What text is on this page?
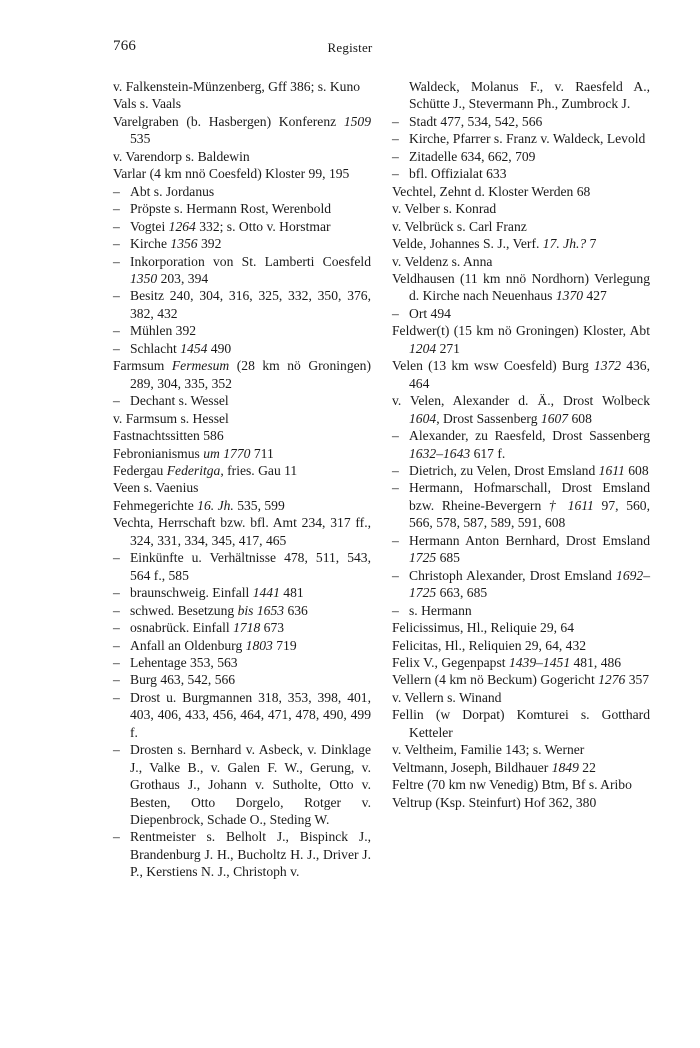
766	Register
v. Falkenstein-Münzenberg, Gff 386; s. Kuno
Vals s. Vaals
Varelgraben (b. Hasbergen) Konferenz 1509 535
v. Varendorp s. Baldewin
Varlar (4 km nnö Coesfeld) Kloster 99, 195
– Abt s. Jordanus
– Pröpste s. Hermann Rost, Werenbold
– Vogtei 1264 332; s. Otto v. Horstmar
– Kirche 1356 392
– Inkorporation von St. Lamberti Coesfeld 1350 203, 394
– Besitz 240, 304, 316, 325, 332, 350, 376, 382, 432
– Mühlen 392
– Schlacht 1454 490
Farmsum Fermesum (28 km nö Groningen) 289, 304, 335, 352
– Dechant s. Wessel
v. Farmsum s. Hessel
Fastnachtssitten 586
Febronianismus um 1770 711
Federgau Federitga, fries. Gau 11
Veen s. Vaenius
Fehmegerichte 16. Jh. 535, 599
Vechta, Herrschaft bzw. bfl. Amt 234, 317 ff., 324, 331, 334, 345, 417, 465
– Einkünfte u. Verhältnisse 478, 511, 543, 564 f., 585
– braunschweig. Einfall 1441 481
– schwed. Besetzung bis 1653 636
– osnabrück. Einfall 1718 673
– Anfall an Oldenburg 1803 719
– Lehentage 353, 563
– Burg 463, 542, 566
– Drost u. Burgmannen 318, 353, 398, 401, 403, 406, 433, 456, 464, 471, 478, 490, 499 f.
– Drosten s. Bernhard v. Asbeck, v. Dinklage J., Valke B., v. Galen F. W., Gerung, v. Grothaus J., Johann v. Sutholte, Otto v. Besten, Otto Dorgelo, Rotger v. Diepenbrock, Schade O., Steding W.
– Rentmeister s. Belholt J., Bispinck J., Brandenburg J. H., Bucholtz H. J., Driver J. P., Kerstiens N. J., Christoph v.
Waldeck, Molanus F., v. Raesfeld A., Schütte J., Stevermann Ph., Zumbrock J.
– Stadt 477, 534, 542, 566
– Kirche, Pfarrer s. Franz v. Waldeck, Levold
– Zitadelle 634, 662, 709
– bfl. Offizialat 633
Vechtel, Zehnt d. Kloster Werden 68
v. Velber s. Konrad
v. Velbrück s. Carl Franz
Velde, Johannes S. J., Verf. 17. Jh.? 7
v. Veldenz s. Anna
Veldhausen (11 km nnö Nordhorn) Verlegung d. Kirche nach Neuenhaus 1370 427
– Ort 494
Feldwer(t) (15 km nö Groningen) Kloster, Abt 1204 271
Velen (13 km wsw Coesfeld) Burg 1372 436, 464
v. Velen, Alexander d. Ä., Drost Wolbeck 1604, Drost Sassenberg 1607 608
– Alexander, zu Raesfeld, Drost Sassenberg 1632–1643 617 f.
– Dietrich, zu Velen, Drost Emsland 1611 608
– Hermann, Hofmarschall, Drost Emsland bzw. Rheine-Bevergern † 1611 97, 560, 566, 578, 587, 589, 591, 608
– Hermann Anton Bernhard, Drost Emsland 1725 685
– Christoph Alexander, Drost Emsland 1692–1725 663, 685
– s. Hermann
Felicissimus, Hl., Reliquie 29, 64
Felicitas, Hl., Reliquien 29, 64, 432
Felix V., Gegenpapst 1439–1451 481, 486
Vellern (4 km nö Beckum) Gogericht 1276 357
v. Vellern s. Winand
Fellin (w Dorpat) Komturei s. Gotthard Ketteler
v. Veltheim, Familie 143; s. Werner
Veltmann, Joseph, Bildhauer 1849 22
Feltre (70 km nw Venedig) Btm, Bf s. Aribo
Veltrup (Ksp. Steinfurt) Hof 362, 380
